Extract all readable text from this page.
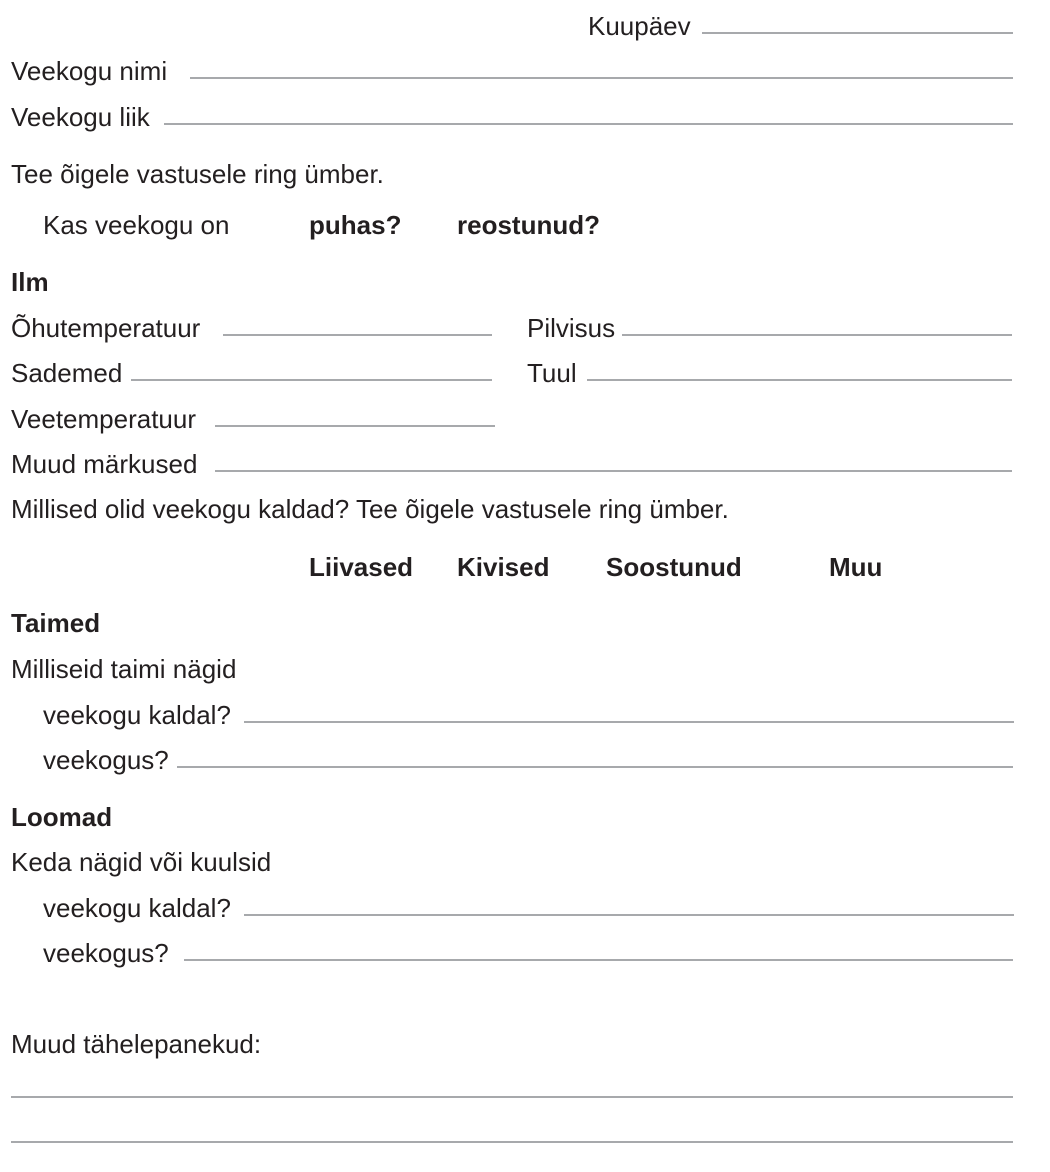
Kuupäev
Veekogu nimi
Veekogu liik
Tee õigele vastusele ring ümber.
Kas veekogu on	puhas? reostunud?
Ilm
Õhutemperatuur	Pilvisus
Sademed	Tuul
Veetemperatuur
Muud märkused
Millised olid veekogu kaldad? Tee õigele vastusele ring ümber.
Liivased Kivised Soostunud	Muu
Taimed
Milliseid taimi nägid
veekogu kaldal?
veekogus?
Loomad
Keda nägid või kuulsid
veekogu kaldal?
veekogus?
Muud tähelepanekud:
